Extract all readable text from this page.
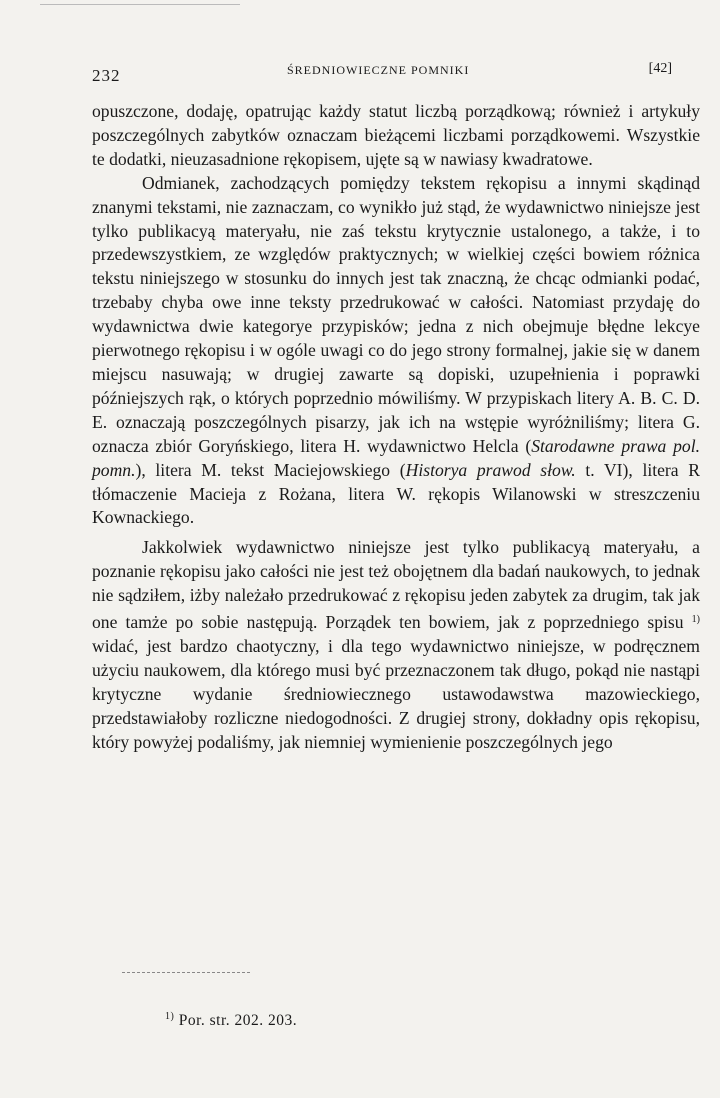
232	ŚREDNIOWIECZNE POMNIKI	[42]

opuszczone, dodaję, opatrując każdy statut liczbą porządkową; również i artykuły poszczególnych zabytków oznaczam bieżącemi liczbami porządkowemi. Wszystkie te dodatki, nieuzasadnione rękopisem, ujęte są w nawiasy kwadratowe.

Odmianek, zachodzących pomiędzy tekstem rękopisu a innymi skądinąd znanymi tekstami, nie zaznaczam, co wynikło już stąd, że wydawnictwo niniejsze jest tylko publikacyą materyału, nie zaś tekstu krytycznie ustalonego, a także, i to przedewszystkiem, ze względów praktycznych; w wielkiej części bowiem różnica tekstu niniejszego w stosunku do innych jest tak znaczną, że chcąc odmianki podać, trzebaby chyba owe inne teksty przedrukować w całości. Natomiast przydaję do wydawnictwa dwie kategorye przypisków; jedna z nich obejmuje błędne lekcye pierwotnego rękopisu i w ogóle uwagi co do jego strony formalnej, jakie się w danem miejscu nasuwają; w drugiej zawarte są dopiski, uzupełnienia i poprawki późniejszych rąk, o których poprzednio mówiliśmy. W przypiskach litery A. B. C. D. E. oznaczają poszczególnych pisarzy, jak ich na wstępie wyróżniliśmy; litera G. oznacza zbiór Goryńskiego, litera H. wydawnictwo Helcla (Starodawne prawa pol. pomn.), litera M. tekst Maciejowskiego (Historya prawod słow. t. VI), litera R tłómaczenie Macieja z Rożana, litera W. rękopis Wilanowski w streszczeniu Kownackiego.

Jakkolwiek wydawnictwo niniejsze jest tylko publikacyą materyału, a poznanie rękopisu jako całości nie jest też obojętnem dla badań naukowych, to jednak nie sądziłem, iżby należało przedrukować z rękopisu jeden zabytek za drugim, tak jak one tamże po sobie następują. Porządek ten bowiem, jak z poprzedniego spisu $^{1)}$ widać, jest bardzo chaotyczny, i dla tego wydawnictwo niniejsze, w podręcznem użyciu naukowem, dla którego musi być przeznaczonem tak długo, pokąd nie nastąpi krytyczne wydanie średniowiecznego ustawodawstwa mazowieckiego, przedstawiałoby rozliczne niedogodności. Z drugiej strony, dokładny opis rękopisu, który powyżej podaliśmy, jak niemniej wymienienie poszczególnych jego

$^{1)}$ Por. str. 202. 203.
